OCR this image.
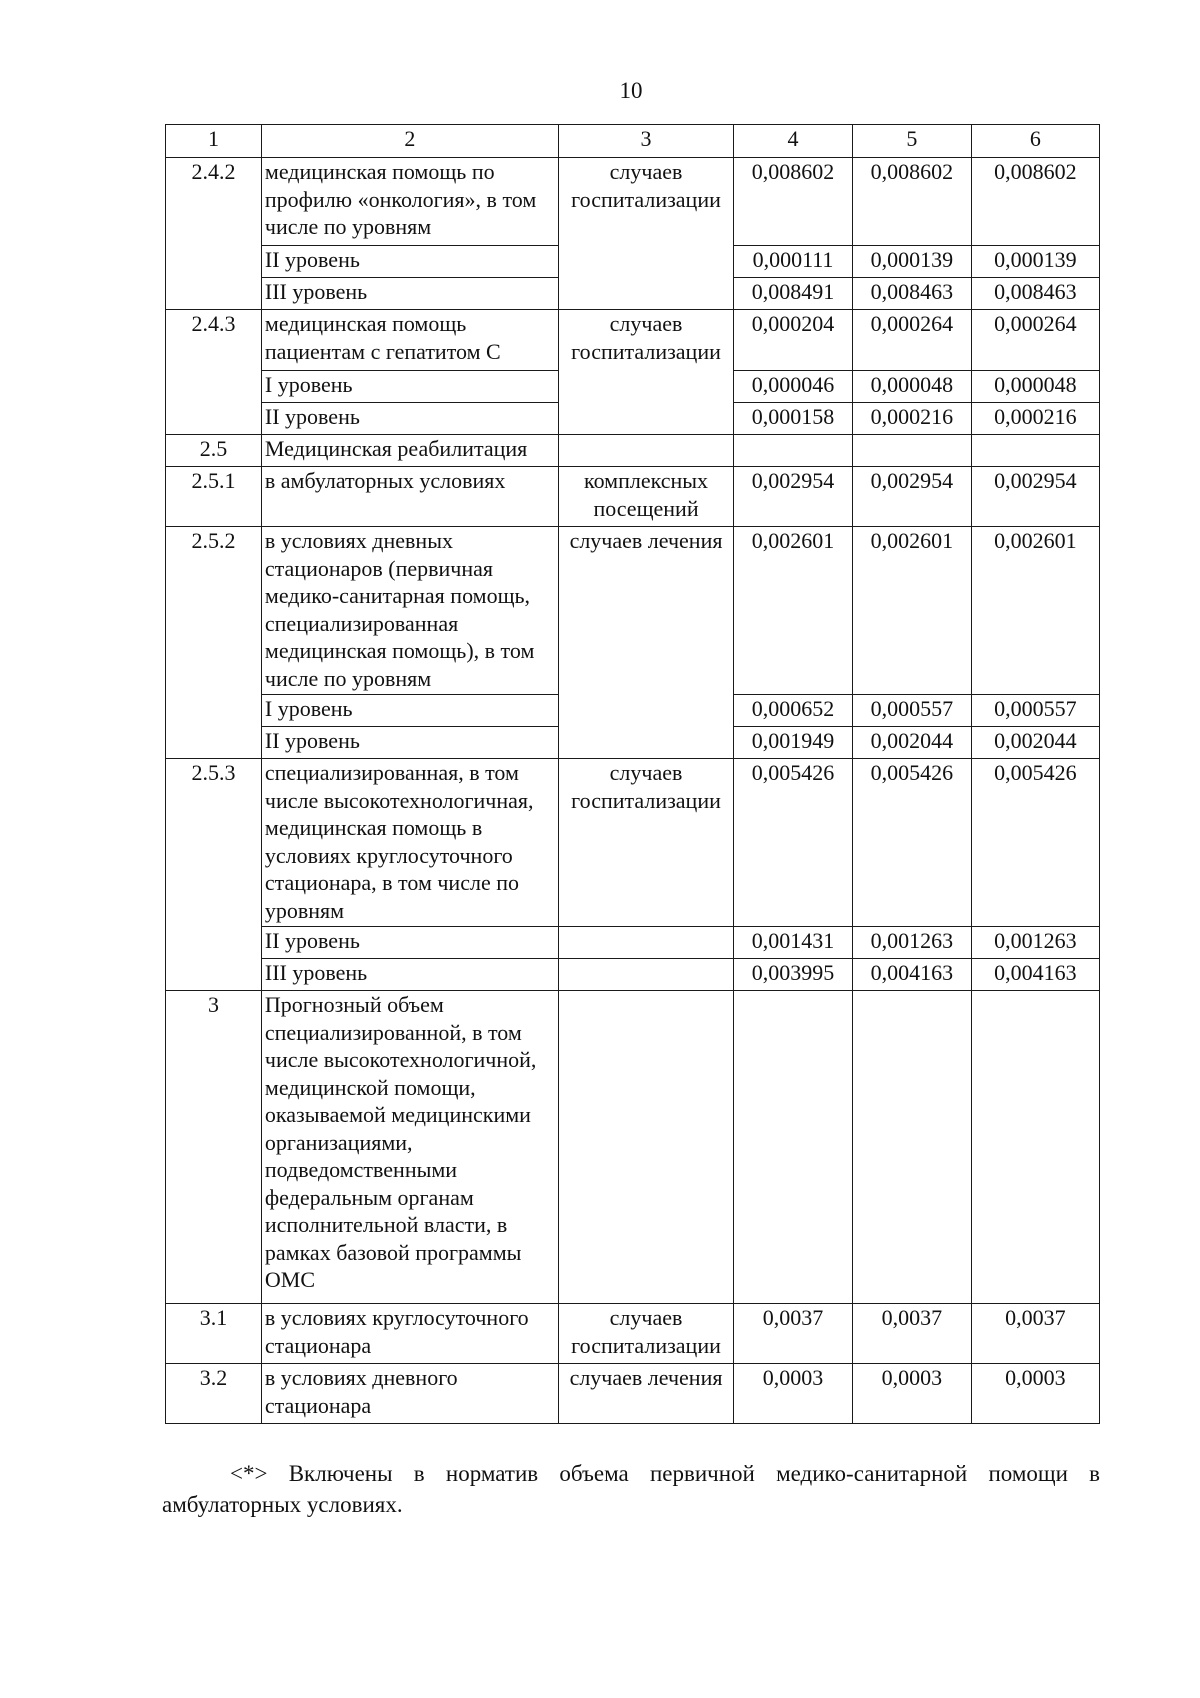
10
1	2	3	4	5	6
2.4.2	медицинская помощь по профилю «онкология», в том числе по уровням	случаев госпитализации	0,008602	0,008602	0,008602
	II уровень		0,000111	0,000139	0,000139
	III уровень		0,008491	0,008463	0,008463
2.4.3	медицинская помощь пациентам с гепатитом С	случаев госпитализации	0,000204	0,000264	0,000264
	I уровень		0,000046	0,000048	0,000048
	II уровень		0,000158	0,000216	0,000216
2.5	Медицинская реабилитация				
2.5.1	в амбулаторных условиях	комплексных посещений	0,002954	0,002954	0,002954
2.5.2	в условиях дневных стационаров (первичная медико-санитарная помощь, специализированная медицинская помощь), в том числе по уровням	случаев лечения	0,002601	0,002601	0,002601
	I уровень		0,000652	0,000557	0,000557
	II уровень		0,001949	0,002044	0,002044
2.5.3	специализированная, в том числе высокотехнологичная, медицинская помощь в условиях круглосуточного стационара, в том числе по уровням	случаев госпитализации	0,005426	0,005426	0,005426
	II уровень		0,001431	0,001263	0,001263
	III уровень		0,003995	0,004163	0,004163
3	Прогнозный объем специализированной, в том числе высокотехнологичной, медицинской помощи, оказываемой медицинскими организациями, подведомственными федеральным органам исполнительной власти, в рамках базовой программы ОМС				
3.1	в условиях круглосуточного стационара	случаев госпитализации	0,0037	0,0037	0,0037
3.2	в условиях дневного стационара	случаев лечения	0,0003	0,0003	0,0003
<*> Включены в норматив объема первичной медико-санитарной помощи в амбулаторных условиях.
